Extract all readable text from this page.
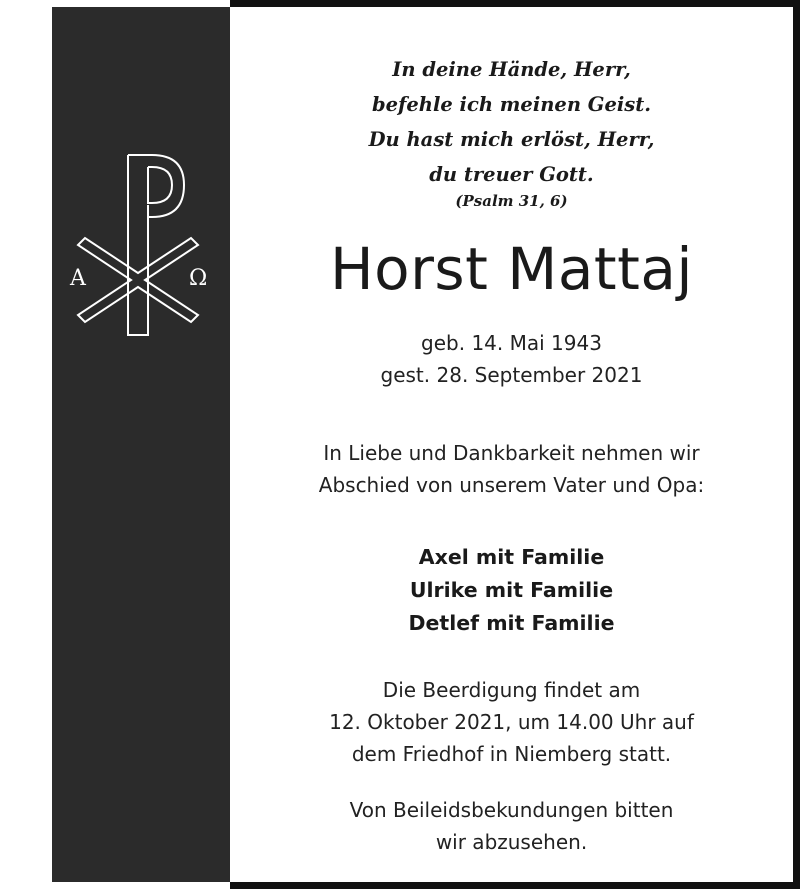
A	Ω
In deine Hände, Herr,
befehle ich meinen Geist.
Du hast mich erlöst, Herr,
du treuer Gott.
(Psalm 31, 6)
Horst Mattaj
geb. 14. Mai 1943
gest. 28. September 2021
In Liebe und Dankbarkeit nehmen wir
Abschied von unserem Vater und Opa:
Axel mit Familie
Ulrike mit Familie
Detlef mit Familie
Die Beerdigung findet am
12. Oktober 2021, um 14.00 Uhr auf
dem Friedhof in Niemberg statt.
Von Beileidsbekundungen bitten
wir abzusehen.
